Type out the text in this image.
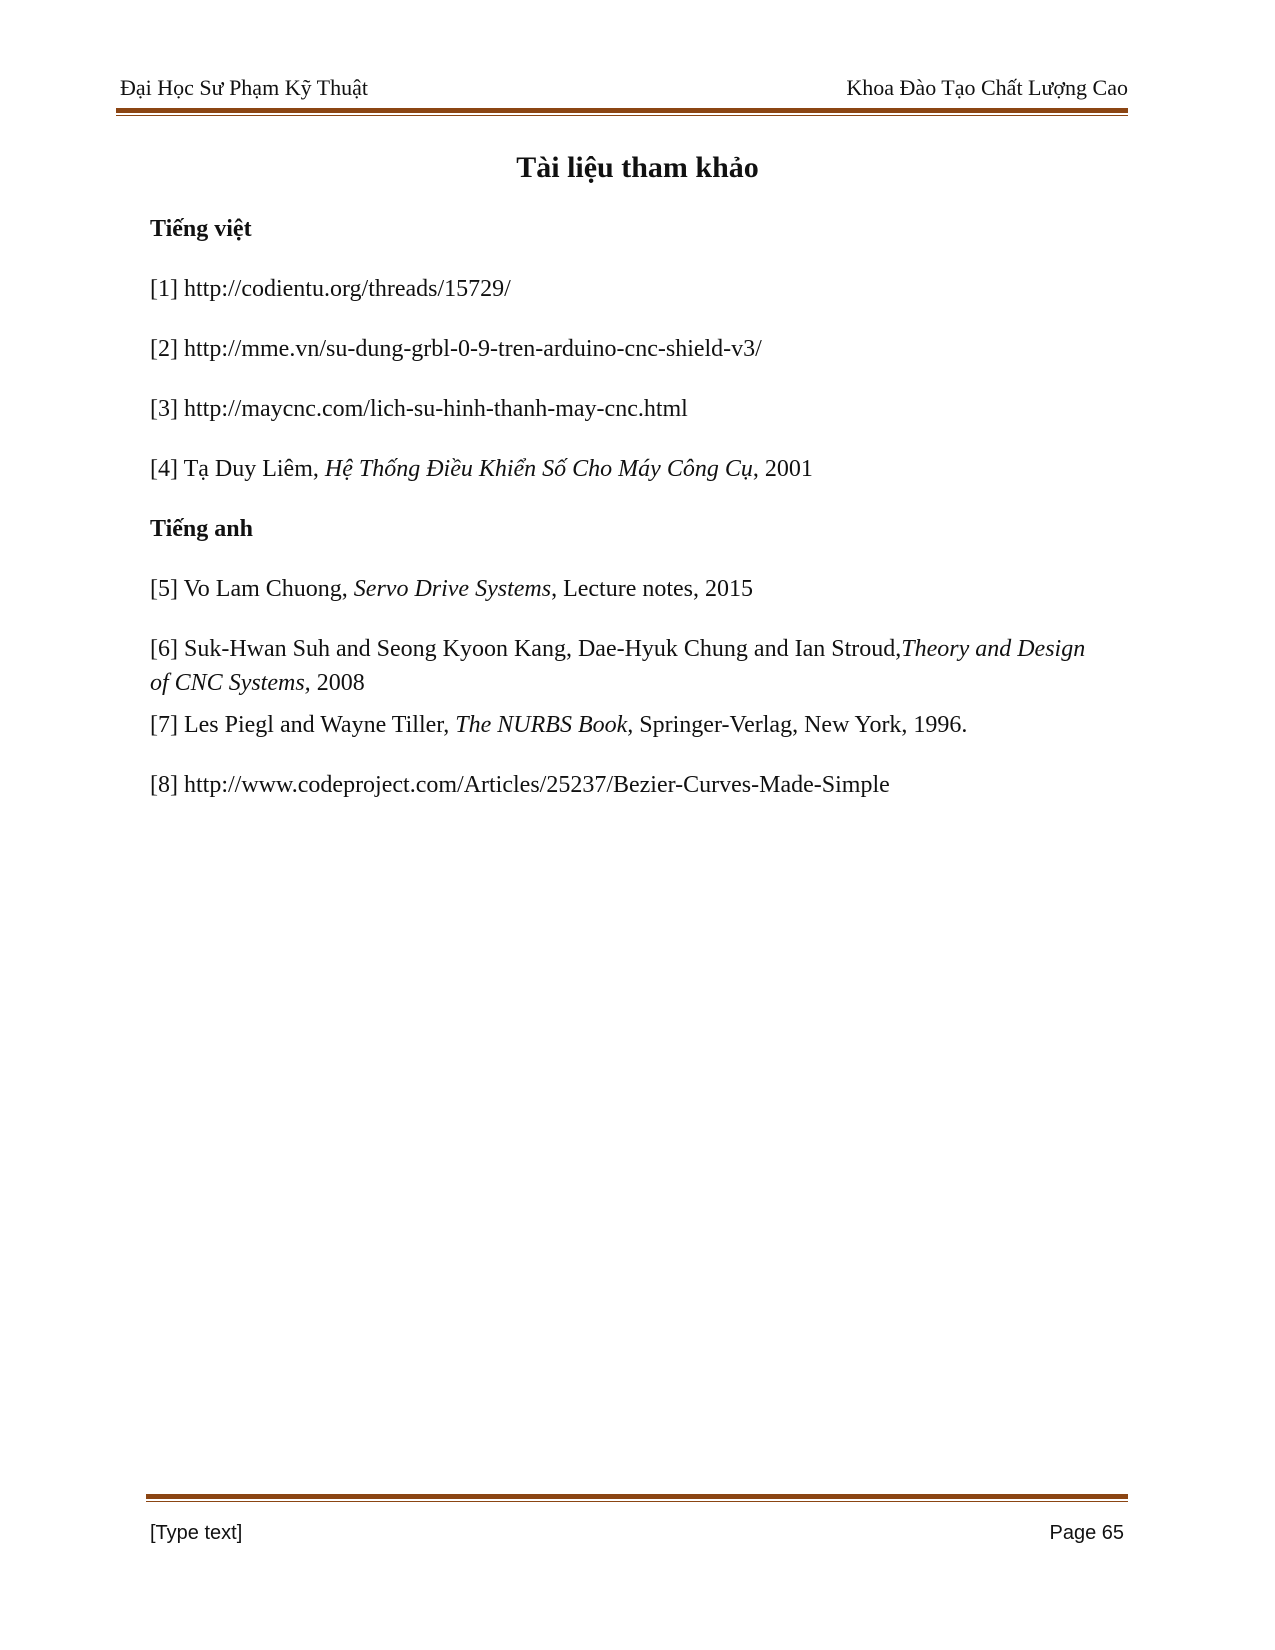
Đại Học Sư Phạm Kỹ Thuật	Khoa Đào Tạo Chất Lượng Cao
Tài liệu tham khảo
Tiếng việt
[1] http://codientu.org/threads/15729/
[2] http://mme.vn/su-dung-grbl-0-9-tren-arduino-cnc-shield-v3/
[3] http://maycnc.com/lich-su-hinh-thanh-may-cnc.html
[4] Tạ Duy Liêm, Hệ Thống Điều Khiển Số Cho Máy Công Cụ, 2001
Tiếng anh
[5] Vo Lam Chuong, Servo Drive Systems, Lecture notes, 2015
[6] Suk-Hwan Suh and Seong Kyoon Kang, Dae-Hyuk Chung and Ian Stroud,Theory and Design of CNC Systems, 2008
[7] Les Piegl and Wayne Tiller, The NURBS Book, Springer-Verlag, New York, 1996.
[8] http://www.codeproject.com/Articles/25237/Bezier-Curves-Made-Simple
[Type text]	Page 65
